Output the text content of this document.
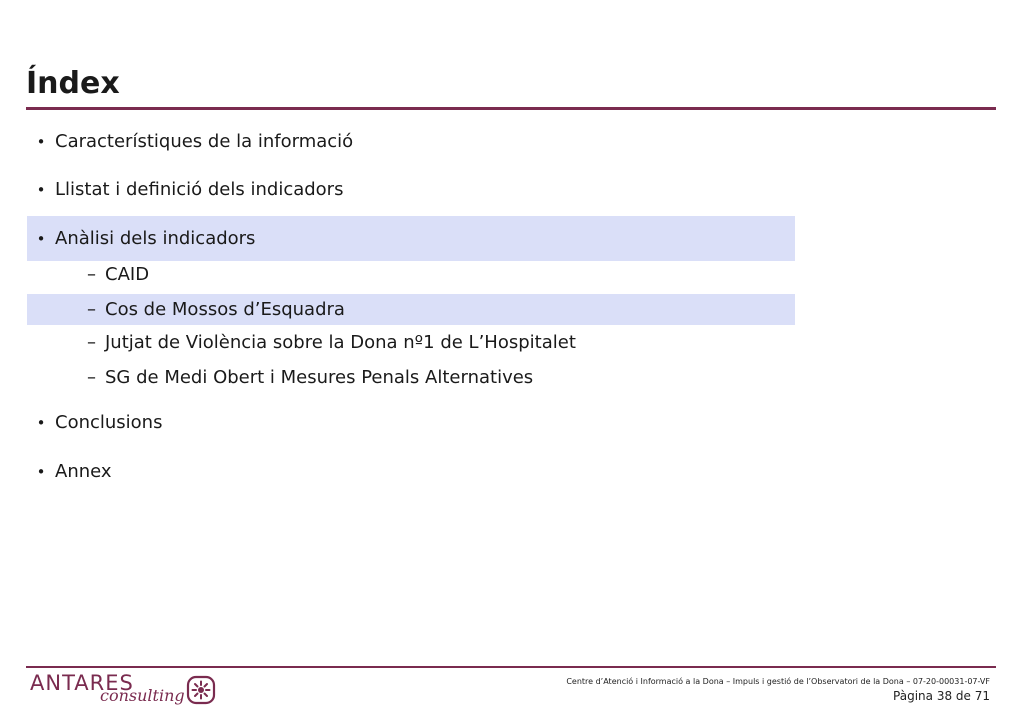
Índex
• Característiques de la informació
• Llistat i definició dels indicadors
• Anàlisi dels indicadors
– CAID
– Cos de Mossos d’Esquadra
– Jutjat de Violència sobre la Dona nº1 de L’Hospitalet
– SG de Medi Obert i Mesures Penals Alternatives
• Conclusions
• Annex
ANTARES
consulting
Centre d’Atenció i Informació a la Dona – Impuls i gestió de l’Observatori de la Dona – 07-20-00031-07-VF
Pàgina 38 de 71
